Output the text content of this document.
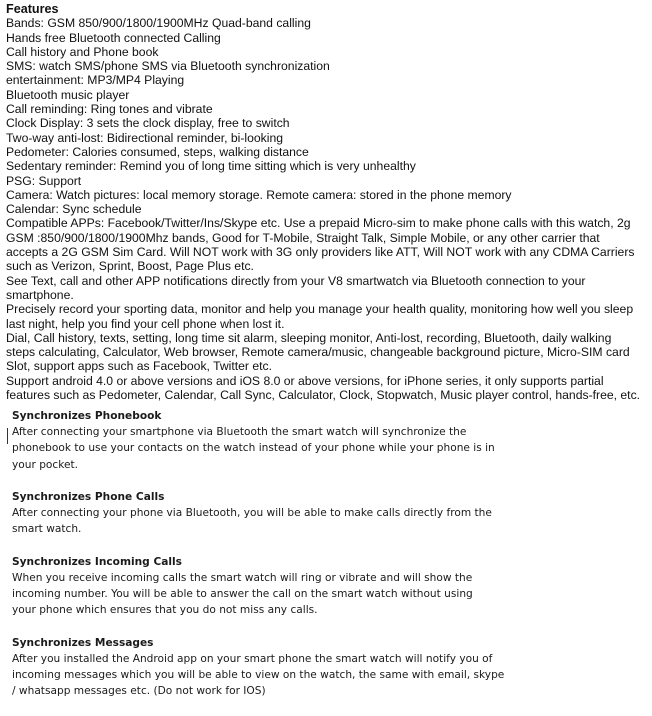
Features
Bands: GSM 850/900/1800/1900MHz Quad-band calling
Hands free Bluetooth connected Calling
Call history and Phone book
SMS: watch SMS/phone SMS via Bluetooth synchronization
entertainment: MP3/MP4 Playing
Bluetooth music player
Call reminding: Ring tones and vibrate
Clock Display: 3 sets the clock display, free to switch
Two-way anti-lost: Bidirectional reminder, bi-looking
Pedometer: Calories consumed, steps, walking distance
Sedentary reminder: Remind you of long time sitting which is very unhealthy
PSG: Support
Camera: Watch pictures: local memory storage. Remote camera: stored in the phone memory
Calendar: Sync schedule
Compatible APPs: Facebook/Twitter/Ins/Skype etc. Use a prepaid Micro-sim to make phone calls with this watch, 2g
GSM :850/900/1800/1900Mhz bands, Good for T-Mobile, Straight Talk, Simple Mobile, or any other carrier that
accepts a 2G GSM Sim Card. Will NOT work with 3G only providers like ATT, Will NOT work with any CDMA Carriers
such as Verizon, Sprint, Boost, Page Plus etc.
See Text, call and other APP notifications directly from your V8 smartwatch via Bluetooth connection to your
smartphone.
Precisely record your sporting data, monitor and help you manage your health quality, monitoring how well you sleep
last night, help you find your cell phone when lost it.
Dial, Call history, texts, setting, long time sit alarm, sleeping monitor, Anti-lost, recording, Bluetooth, daily walking
steps calculating, Calculator, Web browser, Remote camera/music, changeable background picture, Micro-SIM card
Slot, support apps such as Facebook, Twitter etc.
Support android 4.0 or above versions and iOS 8.0 or above versions, for iPhone series, it only supports partial
features such as Pedometer, Calendar, Call Sync, Calculator, Clock, Stopwatch, Music player control, hands-free, etc.
Synchronizes Phonebook
After connecting your smartphone via Bluetooth the smart watch will synchronize the
phonebook to use your contacts on the watch instead of your phone while your phone is in
your pocket.
Synchronizes Phone Calls
After connecting your phone via Bluetooth, you will be able to make calls directly from the
smart watch.
Synchronizes Incoming Calls
When you receive incoming calls the smart watch will ring or vibrate and will show the
incoming number. You will be able to answer the call on the smart watch without using
your phone which ensures that you do not miss any calls.
Synchronizes Messages
After you installed the Android app on your smart phone the smart watch will notify you of
incoming messages which you will be able to view on the watch, the same with email, skype
/ whatsapp messages etc. (Do not work for IOS)
